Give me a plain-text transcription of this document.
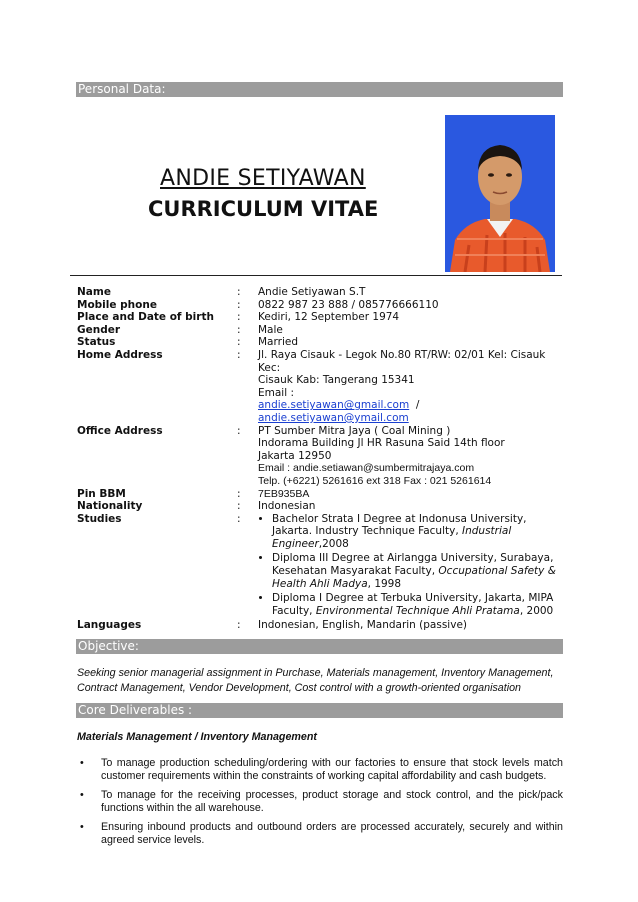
Personal Data:
ANDIE SETIYAWAN
CURRICULUM VITAE
Name	:	Andie Setiyawan S.T
Mobile phone	:	0822 987 23 888 / 085776666110
Place and Date of birth	:	Kediri, 12 September 1974
Gender	:	Male
Status	:	Married
Home Address	:	Jl. Raya Cisauk - Legok No.80 RT/RW: 02/01 Kel: Cisauk Kec:
Cisauk Kab: Tangerang 15341
Email :
andie.setiyawan@gmail.com /  andie.setiyawan@ymail.com
Office Address	:	PT Sumber Mitra Jaya ( Coal Mining )
Indorama Building Jl HR Rasuna Said 14th floor
Jakarta 12950
Email : andie.setiawan@sumbermitrajaya.com
Telp. (+6221) 5261616 ext 318 Fax : 021 5261614
Pin BBM	:	7EB935BA
Nationality	:	Indonesian
Studies	:
•	Bachelor Strata I Degree at Indonusa University, Jakarta. Industry Technique Faculty, Industrial Engineer,2008
• Diploma III Degree at Airlangga University, Surabaya, Kesehatan Masyarakat Faculty, Occupational Safety & Health Ahli Madya, 1998
• Diploma I Degree at Terbuka University, Jakarta, MIPA Faculty, Environmental Technique Ahli Pratama, 2000
Languages	:	Indonesian, English, Mandarin (passive)
Objective:
Seeking senior managerial assignment in Purchase, Materials management, Inventory Management, Contract Management, Vendor Development, Cost control with a growth-oriented organisation
Core Deliverables :
Materials Management / Inventory Management
•	To manage production scheduling/ordering with our factories to ensure that stock levels match customer requirements within the constraints of working capital affordability and cash budgets.
•	To manage for the receiving processes, product storage and stock control, and the pick/pack functions within the all warehouse.
•	Ensuring inbound products and outbound orders are processed accurately, securely and within agreed service levels.
